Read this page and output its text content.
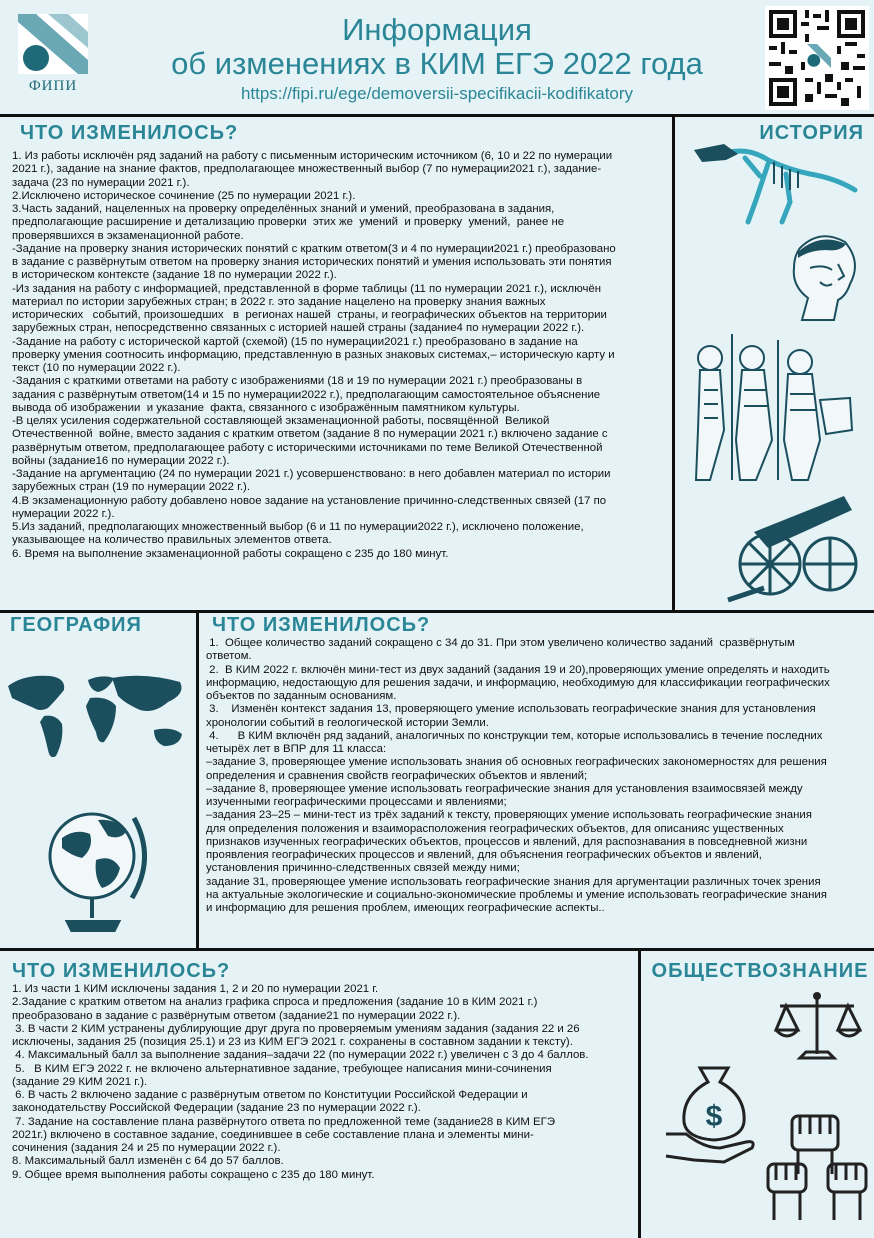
ФИПИ
Информация
об изменениях в КИМ ЕГЭ 2022 года
https://fipi.ru/ege/demoversii-specifikacii-kodifikatory
ЧТО ИЗМЕНИЛОСЬ?	ИСТОРИЯ

1. Из работы исключён ряд заданий на работу с письменным историческим источником (6, 10 и 22 по нумерации

2021 г.), задание на знание фактов, предполагающее множественный выбор (7 по нумерации2021 г.), задание-

задача (23 по нумерации 2021 г.).

2.Исключено историческое сочинение (25 по нумерации 2021 г.).

3.Часть заданий, нацеленных на проверку определённых знаний и умений, преобразована в задания,

предполагающие расширение и детализацию проверки  этих же  умений  и проверку  умений,  ранее не

проверявшихся в экзаменационной работе.

-Задание на проверку знания исторических понятий с кратким ответом(3 и 4 по нумерации2021 г.) преобразовано

в задание с развёрнутым ответом на проверку знания исторических понятий и умения использовать эти понятия

в историческом контексте (задание 18 по нумерации 2022 г.).

-Из задания на работу с информацией, представленной в форме таблицы (11 по нумерации 2021 г.), исключён

материал по истории зарубежных стран; в 2022 г. это задание нацелено на проверку знания важных

исторических   событий, произошедших   в  регионах нашей  страны, и географических объектов на территории

зарубежных стран, непосредственно связанных с историей нашей страны (задание4 по нумерации 2022 г.).

-Задание на работу с исторической картой (схемой) (15 по нумерации2021 г.) преобразовано в задание на

проверку умения соотносить информацию, представленную в разных знаковых системах,– историческую карту и

текст (10 по нумерации 2022 г.).

-Задания с краткими ответами на работу с изображениями (18 и 19 по нумерации 2021 г.) преобразованы в

задания с развёрнутым ответом(14 и 15 по нумерации2022 г.), предполагающим самостоятельное объяснение

вывода об изображении  и указание  факта, связанного с изображённым памятником культуры.

-В целях усиления содержательной составляющей экзаменационной работы, посвящённой  Великой

Отечественной  войне, вместо задания с кратким ответом (задание 8 по нумерации 2021 г.) включено задание с

развёрнутым ответом, предполагающее работу с историческими источниками по теме Великой Отечественной

войны (задание16 по нумерации 2022 г.).

-Задание на аргументацию (24 по нумерации 2021 г.) усовершенствовано: в него добавлен материал по истории

зарубежных стран (19 по нумерации 2022 г.).

4.В экзаменационную работу добавлено новое задание на установление причинно-следственных связей (17 по

нумерации 2022 г.).

5.Из заданий, предполагающих множественный выбор (6 и 11 по нумерации2022 г.), исключено положение,

указывающее на количество правильных элементов ответа.

6. Время на выполнение экзаменационной работы сокращено с 235 до 180 минут.

ГЕОГРАФИЯ	ЧТО ИЗМЕНИЛОСЬ?

1.  Общее количество заданий сокращено с 34 до 31. При этом увеличено количество заданий  сразвёрнутым

ответом.

2.  В КИМ 2022 г. включён мини-тест из двух заданий (задания 19 и 20),проверяющих умение определять и находить

информацию, недостающую для решения задачи, и информацию, необходимую для классификации географических

объектов по заданным основаниям.

3.    Изменён контекст задания 13, проверяющего умение использовать географические знания для установления

хронологии событий в геологической истории Земли.

4.      В КИМ включён ряд заданий, аналогичных по конструкции тем, которые использовались в течение последних

четырёх лет в ВПР для 11 класса:

–задание 3, проверяющее умение использовать знания об основных географических закономерностях для решения

определения и сравнения свойств географических объектов и явлений;

–задание 8, проверяющее умение использовать географические знания для установления взаимосвязей между

изученными географическими процессами и явлениями;

–задания 23–25 – мини-тест из трёх заданий к тексту, проверяющих умение использовать географические знания

для определения положения и взаиморасположения географических объектов, для описанияс ущественных

признаков изученных географических объектов, процессов и явлений, для распознавания в повседневной жизни

проявления географических процессов и явлений, для объяснения географических объектов и явлений,

установления причинно-следственных связей между ними;

задание 31, проверяющее умение использовать географические знания для аргументации различных точек зрения

на актуальные экологические и социально-экономические проблемы и умение использовать географические знания

и информацию для решения проблем, имеющих географические аспекты..

ЧТО ИЗМЕНИЛОСЬ?	ОБЩЕСТВОЗНАНИЕ

1. Из части 1 КИМ исключены задания 1, 2 и 20 по нумерации 2021 г.

2.Задание с кратким ответом на анализ графика спроса и предложения (задание 10 в КИМ 2021 г.)

преобразовано в задание с развёрнутым ответом (задание21 по нумерации 2022 г.).

3. В части 2 КИМ устранены дублирующие друг друга по проверяемым умениям задания (задания 22 и 26

исключены, задания 25 (позиция 25.1) и 23 из КИМ ЕГЭ 2021 г. сохранены в составном задании к тексту).

4. Максимальный балл за выполнение задания–задачи 22 (по нумерации 2022 г.) увеличен с 3 до 4 баллов.

5.   В КИМ ЕГЭ 2022 г. не включено альтернативное задание, требующее написания мини-сочинения

(задание 29 КИМ 2021 г.).

6. В часть 2 включено задание с развёрнутым ответом по Конституции Российской Федерации и

законодательству Российской Федерации (задание 23 по нумерации 2022 г.).

7. Задание на составление плана развёрнутого ответа по предложенной теме (задание28 в КИМ ЕГЭ

2021г.) включено в составное задание, соединившее в себе составление плана и элементы мини-

сочинения (задания 24 и 25 по нумерации 2022 г.).

8. Максимальный балл изменён с 64 до 57 баллов.

9. Общее время выполнения работы сокращено с 235 до 180 минут.

$
